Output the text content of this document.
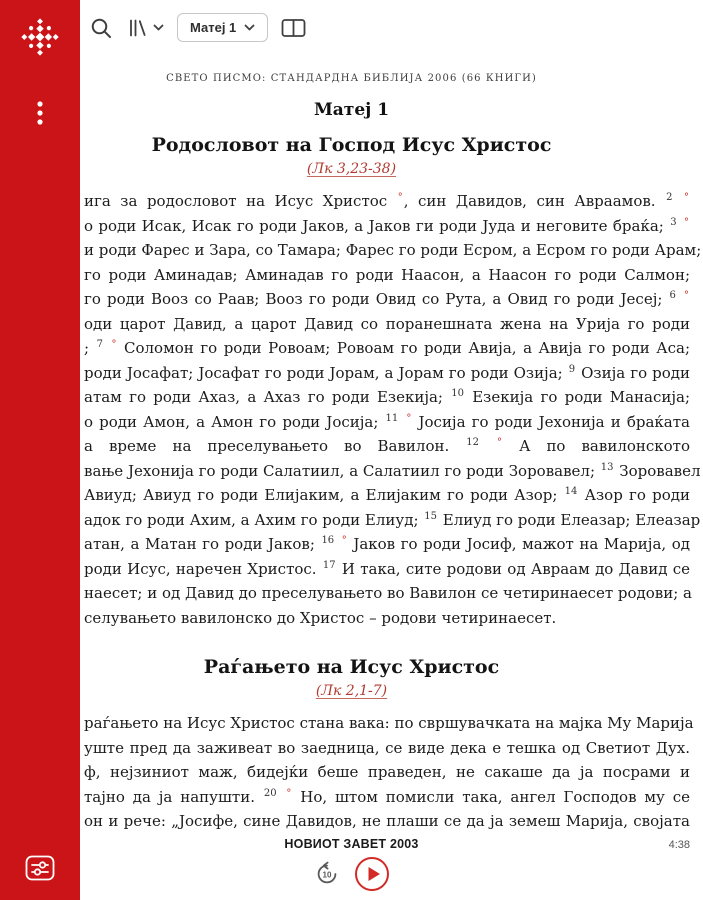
Матеј 1
СВЕТО ПИСМО: СТАНДАРДНА БИБЛИЈА 2006 (66 КНИГИ)
Матеј 1
Родословот на Господ Исус Христос
(Лк 3,23-38)
ига за родословот на Исус Христос °, син Давидов, син Авраамов. $^2$ °
о роди Исак, Исак го роди Јаков, а Јаков ги роди Јуда и неговите браќа; $^3$ °
и роди Фарес и Зара, со Тамара; Фарес го роди Есром, а Есром го роди Арам;
го роди Аминадав; Аминадав го роди Наасон, а Наасон го роди Салмон;
го роди Вооз со Раав; Вооз го роди Овид со Рута, а Овид го роди Јесеј; $^6$ °
оди царот Давид, а царот Давид со поранешната жена на Урија го роди
; $^7$ ° Соломон го роди Ровоам; Ровоам го роди Авија, а Авија го роди Аса;
роди Јосафат; Јосафат го роди Јорам, а Јорам го роди Озија; $^9$ Озија го роди
атам го роди Ахаз, а Ахаз го роди Езекија; $^{10}$ Езекија го роди Манасија;
о роди Амон, а Амон го роди Јосија; $^{11}$ ° Јосија го роди Јехонија и браќата
а време на преселувањето во Вавилон. $^{12}$ ° А по вавилонското
вање Јехонија го роди Салатиил, а Салатиил го роди Зоровавел; $^{13}$ Зоровавел
Авиуд; Авиуд го роди Елијаким, а Елијаким го роди Азор; $^{14}$ Азор го роди
адок го роди Ахим, а Ахим го роди Елиуд; $^{15}$ Елиуд го роди Елеазар; Елеазар
атан, а Матан го роди Јаков; $^{16}$ ° Јаков го роди Јосиф, мажот на Марија, од
роди Исус, наречен Христос. $^{17}$ И така, сите родови од Авраам до Давид се
наесет; и од Давид до преселувањето во Вавилон се четиринаесет родови; а
селувањето вавилонско до Христос – родови четиринаесет.
Раѓањето на Исус Христос
(Лк 2,1-7)
раѓањето на Исус Христос стана вака: по свршувачката на мајка Му Марија
уште пред да заживеат во заедница, се виде дека е тешка од Светиот Дух.
ф, нејзиниот маж, бидејќи беше праведен, не сакаше да ја посрами и
тајно да ја напушти. $^{20}$ ° Но, штом помисли така, ангел Господов му се
он и рече: „Јосифе, сине Давидов, не плаши се да ја земеш Марија, својата
НОВИОТ ЗАВЕТ 2003
10
4:38
